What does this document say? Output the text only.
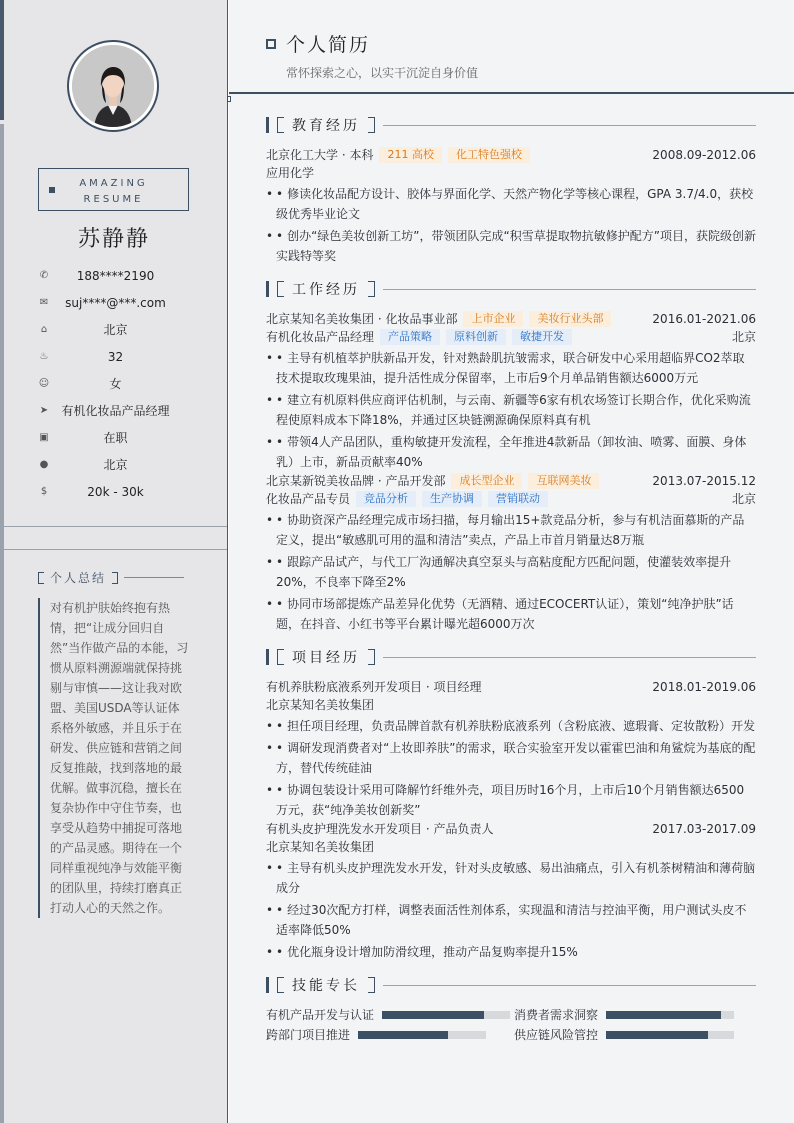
AMAZING
RESUME
苏静静
✆	188****2190
✉	suj****@***.com
⌂	北京
♨	32
☺	女
➤	有机化妆品产品经理
▣	在职
●	北京
$	20k - 30k
个人总结
对有机护肤始终抱有热情，把“让成分回归自然”当作做产品的本能，习惯从原料溯源端就保持挑剔与审慎——这让我对欧盟、美国USDA等认证体系格外敏感，并且乐于在研发、供应链和营销之间反复推敲，找到落地的最优解。做事沉稳，擅长在复杂协作中守住节奏，也享受从趋势中捕捉可落地的产品灵感。期待在一个同样重视纯净与效能平衡的团队里，持续打磨真正打动人心的天然之作。
个人简历
常怀探索之心，以实干沉淀自身价值
教育经历
北京化工大学 · 本科	211 高校	化工特色强校	2008.09-2012.06
应用化学
• • 修读化妆品配方设计、胶体与界面化学、天然产物化学等核心课程，GPA 3.7/4.0，获校级优秀毕业论文
• • 创办“绿色美妆创新工坊”，带领团队完成“积雪草提取物抗敏修护配方”项目，获院级创新实践特等奖
工作经历
北京某知名美妆集团 · 化妆品事业部	上市企业	美妆行业头部	2016.01-2021.06
有机化妆品产品经理	产品策略	原料创新	敏捷开发	北京
• • 主导有机植萃护肤新品开发，针对熟龄肌抗皱需求，联合研发中心采用超临界CO2萃取技术提取玫瑰果油，提升活性成分保留率，上市后9个月单品销售额达6000万元
• • 建立有机原料供应商评估机制，与云南、新疆等6家有机农场签订长期合作，优化采购流程使原料成本下降18%，并通过区块链溯源确保原料真有机
• • 带领4人产品团队，重构敏捷开发流程，全年推进4款新品（卸妆油、喷雾、面膜、身体乳）上市，新品贡献率40%
北京某新锐美妆品牌 · 产品开发部	成长型企业	互联网美妆	2013.07-2015.12
化妆品产品专员	竞品分析	生产协调	营销联动	北京
• • 协助资深产品经理完成市场扫描，每月输出15+款竞品分析，参与有机洁面慕斯的产品定义，提出“敏感肌可用的温和清洁”卖点，产品上市首月销量达8万瓶
• • 跟踪产品试产，与代工厂沟通解决真空泵头与高粘度配方匹配问题，使灌装效率提升20%，不良率下降至2%
• • 协同市场部提炼产品差异化优势（无酒精、通过ECOCERT认证），策划“纯净护肤”话题，在抖音、小红书等平台累计曝光超6000万次
项目经历
有机养肤粉底液系列开发项目 · 项目经理	2018.01-2019.06
北京某知名美妆集团
• • 担任项目经理，负责品牌首款有机养肤粉底液系列（含粉底液、遮瑕膏、定妆散粉）开发
• • 调研发现消费者对“上妆即养肤”的需求，联合实验室开发以霍霍巴油和角鲨烷为基底的配方，替代传统硅油
• • 协调包装设计采用可降解竹纤维外壳，项目历时16个月，上市后10个月销售额达6500万元，获“纯净美妆创新奖”
有机头皮护理洗发水开发项目 · 产品负责人	2017.03-2017.09
北京某知名美妆集团
• • 主导有机头皮护理洗发水开发，针对头皮敏感、易出油痛点，引入有机茶树精油和薄荷脑成分
• • 经过30次配方打样，调整表面活性剂体系，实现温和清洁与控油平衡，用户测试头皮不适率降低50%
• • 优化瓶身设计增加防滑纹理，推动产品复购率提升15%
技能专长
有机产品开发与认证	消费者需求洞察
跨部门项目推进	供应链风险管控
